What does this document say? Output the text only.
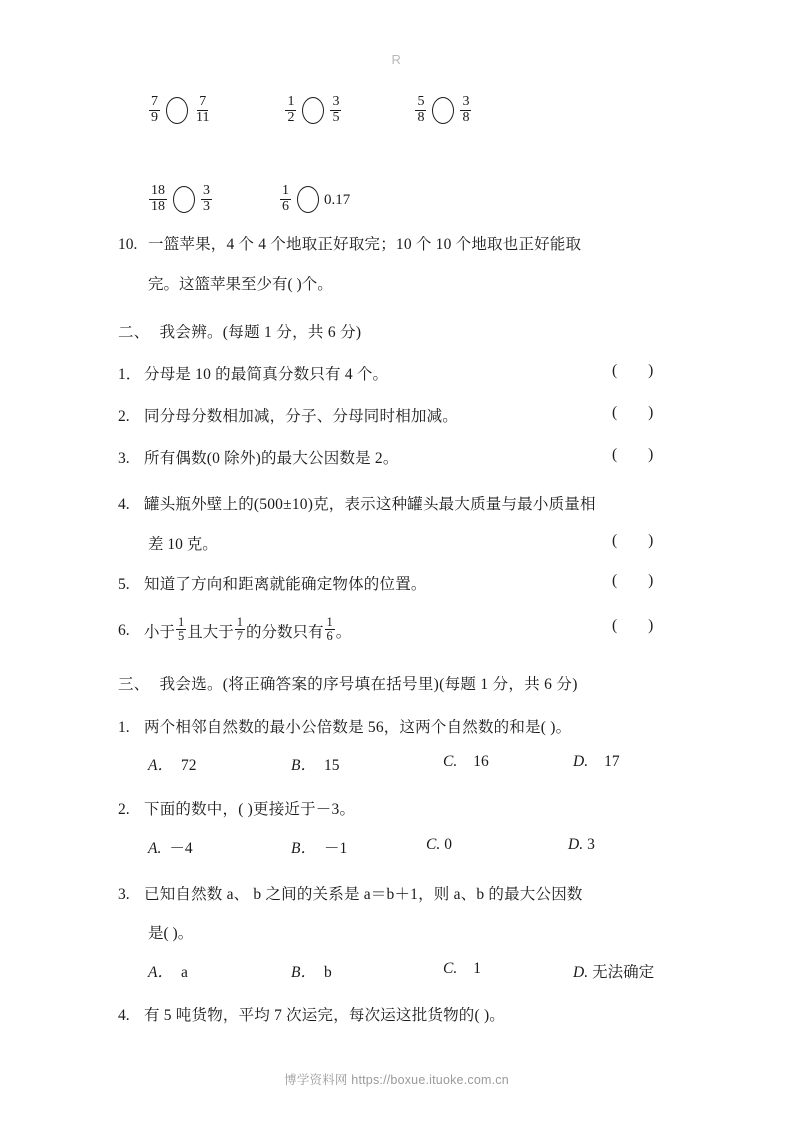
R
$\frac{7}{9} \frac{7}{11}$	$\frac{1}{2} \frac{3}{5}$	$\frac{5}{8} \frac{3}{8}$
$\frac{18}{18} \frac{3}{3}$	$\frac{1}{6} 0.17$
10. 一篮苹果，4 个 4 个地取正好取完；10 个 10 个地取也正好能取
完。这篮苹果至少有( )个。
二、 我会辨。(每题 1 分，共 6 分)
1． 分母是 10 的最简真分数只有 4 个。	(        )
2. 同分母分数相加减，分子、分母同时相加减。	(        )
3. 所有偶数(0 除外)的最大公因数是 2。	(        )
4. 罐头瓶外壁上的(500±10)克，表示这种罐头最大质量与最小质量相
差 10 克。	(        )
5. 知道了方向和距离就能确定物体的位置。	(        )
6. 小于 $\frac{1}{5}$ 且大于 $\frac{1}{7}$ 的分数只有 $\frac{1}{6}$ 。	(        )
三、 我会选。(将正确答案的序号填在括号里)(每题 1 分，共 6 分)
1. 两个相邻自然数的最小公倍数是 56，这两个自然数的和是( )。
A． 72	B． 15	C. 16	D. 17
2. 下面的数中，( )更接近于－3。
A. －4	B． －1	C. 0	D. 3
3. 已知自然数 a、 b 之间的关系是 a＝b＋1，则 a、b 的最大公因数
是( )。
A． a	B． b	C. 1	D. 无法确定
4. 有 5 吨货物，平均 7 次运完，每次运这批货物的( )。
博学资料网 https://boxue.ituoke.com.cn
